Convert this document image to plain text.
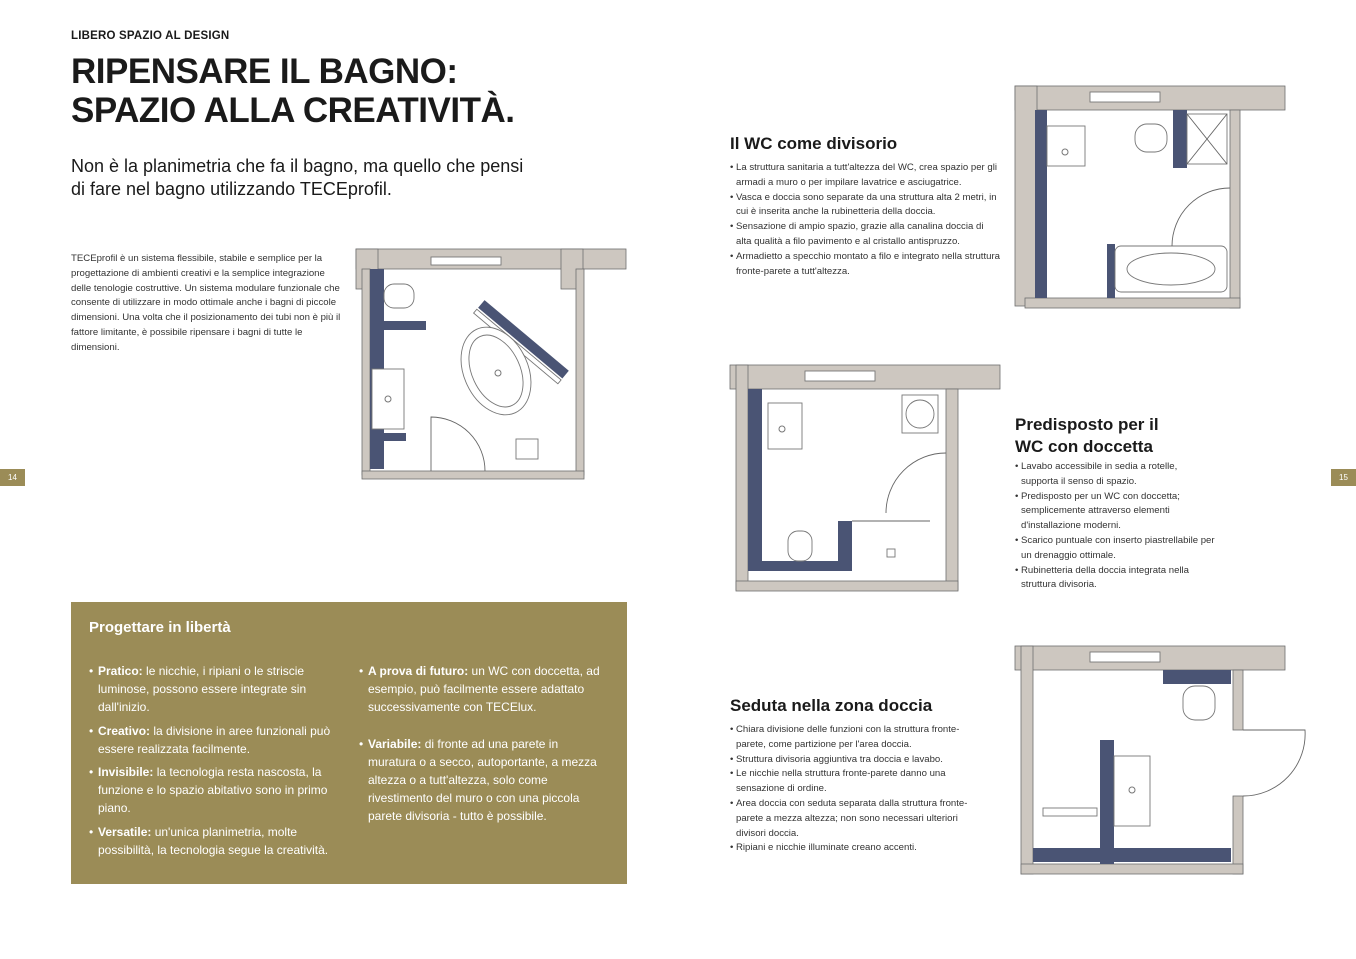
LIBERO SPAZIO AL DESIGN
RIPENSARE IL BAGNO:
SPAZIO ALLA CREATIVITÀ.
Non è la planimetria che fa il bagno, ma quello che pensi di fare nel bagno utilizzando TECEprofil.
TECEprofil è un sistema flessibile, stabile e semplice per la progettazione di ambienti creativi e la semplice integrazione delle tenologie costruttive. Un sistema modulare funzionale che consente di utilizzare in modo ottimale anche i bagni di piccole dimensioni. Una volta che il posizionamento dei tubi non è più il fattore limitante, è possibile ripensare i bagni di tutte le dimensioni.
14	15
Il WC come divisorio
• La struttura sanitaria a tutt'altezza del WC, crea spazio per gli armadi a muro o per impilare lavatrice e asciugatrice.
• Vasca e doccia sono separate da una struttura alta 2 metri, in cui è inserita anche la rubinetteria della doccia.
• Sensazione di ampio spazio, grazie alla canalina doccia di alta qualità a filo pavimento e al cristallo antispruzzo.
• Armadietto a specchio montato a filo e integrato nella struttura fronte-parete a tutt'altezza.
Predisposto per il
WC con doccetta
• Lavabo accessibile in sedia a rotelle, supporta il senso di spazio.
• Predisposto per un WC con doccetta; semplicemente attraverso elementi d'installazione moderni.
• Scarico puntuale con inserto piastrellabile per un drenaggio ottimale.
• Rubinetteria della doccia integrata nella struttura divisoria.
Seduta nella zona doccia
• Chiara divisione delle funzioni con la struttura fronte-parete, come partizione per l'area doccia.
• Struttura divisoria aggiuntiva tra doccia e lavabo.
• Le nicchie nella struttura fronte-parete danno una sensazione di ordine.
• Area doccia con seduta separata dalla struttura fronte-parete a mezza altezza; non sono necessari ulteriori divisori doccia.
• Ripiani e nicchie illuminate creano accenti.
Progettare in libertà
• Pratico: le nicchie, i ripiani o le striscie luminose, possono essere integrate sin dall'inizio.
• Creativo: la divisione in aree funzionali può essere realizzata facilmente.
• Invisibile: la tecnologia resta nascosta, la funzione e lo spazio abitativo sono in primo piano.
• Versatile: un'unica planimetria, molte possibilità, la tecnologia segue la creatività.
• A prova di futuro: un WC con doccetta, ad esempio, può facilmente essere adattato successivamente con TECElux.
• Variabile: di fronte ad una parete in muratura o a secco, autoportante, a mezza altezza o a tutt'altezza, solo come rivestimento del muro o con una piccola parete divisoria - tutto è possibile.
